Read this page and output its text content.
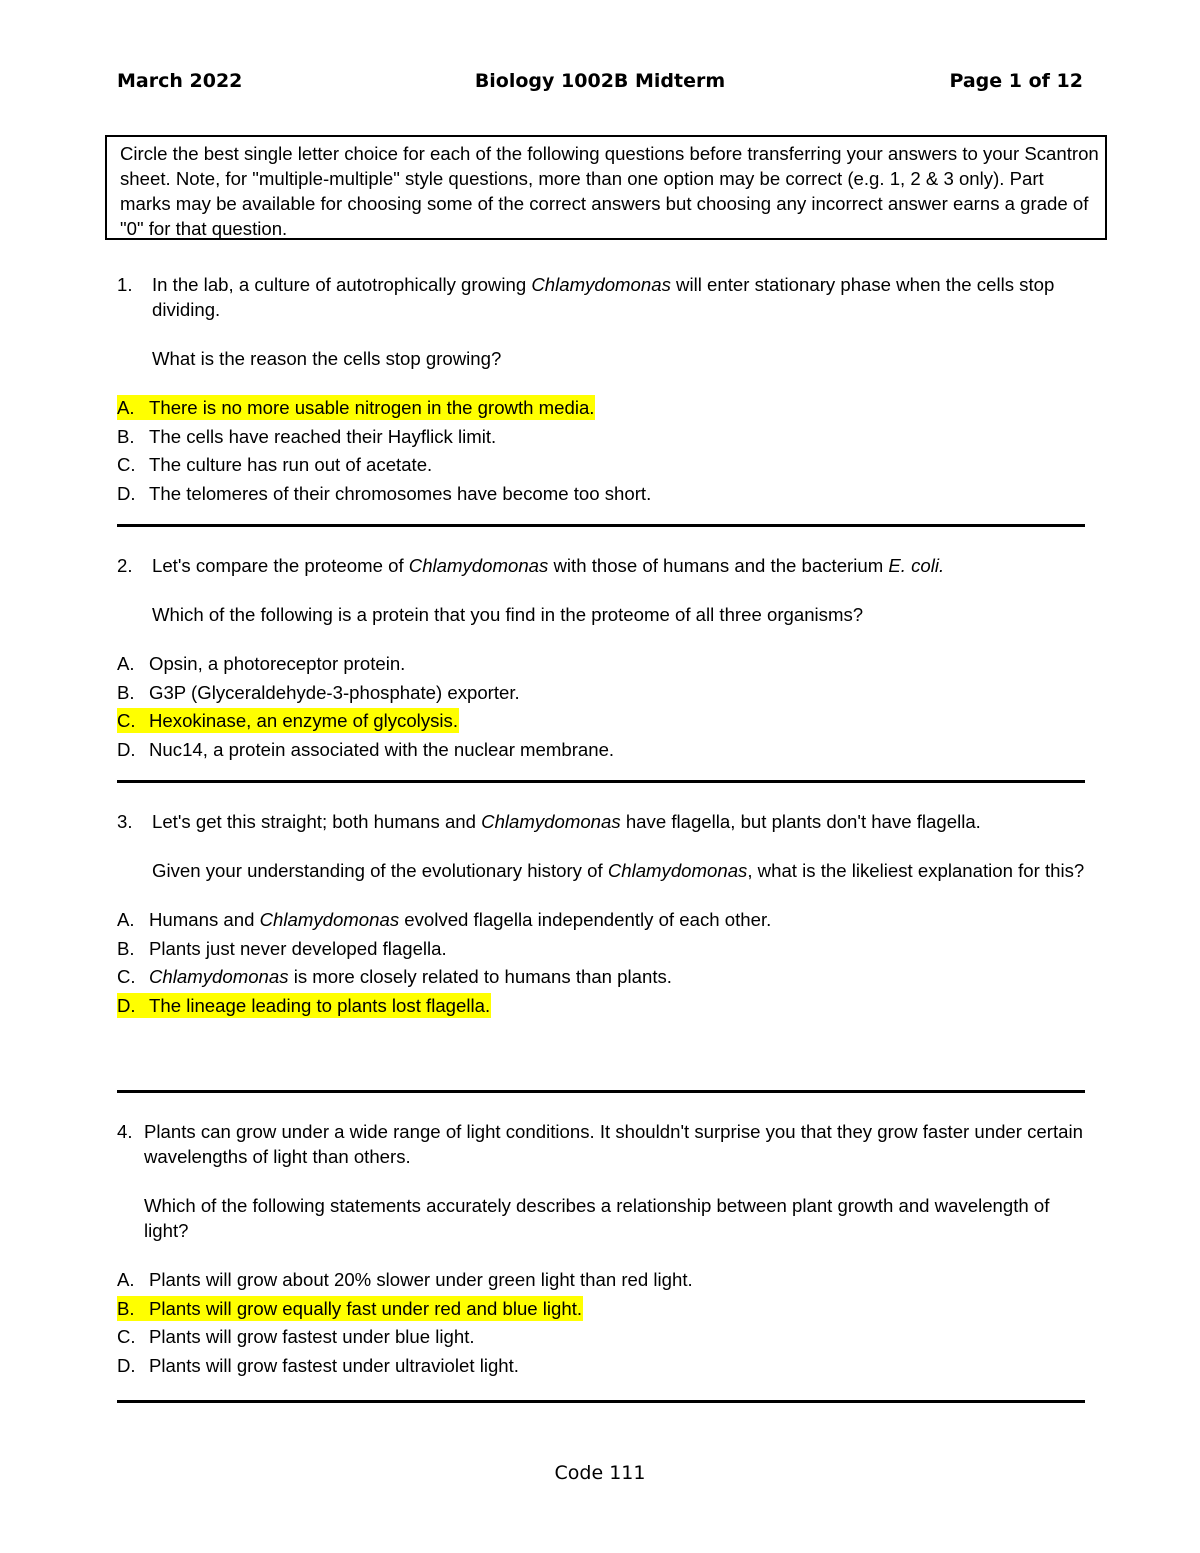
March 2022	Biology 1002B Midterm	Page 1 of 12
Circle the best single letter choice for each of the following questions before transferring your answers to your Scantron sheet. Note, for "multiple-multiple" style questions, more than one option may be correct (e.g. 1, 2 & 3 only). Part marks may be available for choosing some of the correct answers but choosing any incorrect answer earns a grade of "0" for that question.
1.	In the lab, a culture of autotrophically growing Chlamydomonas will enter stationary phase when the cells stop dividing.
What is the reason the cells stop growing?
A. There is no more usable nitrogen in the growth media.
B. The cells have reached their Hayflick limit.
C. The culture has run out of acetate.
D. The telomeres of their chromosomes have become too short.
2.	Let's compare the proteome of Chlamydomonas with those of humans and the bacterium E. coli.
Which of the following is a protein that you find in the proteome of all three organisms?
A. Opsin, a photoreceptor protein.
B. G3P (Glyceraldehyde-3-phosphate) exporter.
C. Hexokinase, an enzyme of glycolysis.
D. Nuc14, a protein associated with the nuclear membrane.
3.	Let's get this straight; both humans and Chlamydomonas have flagella, but plants don't have flagella.
Given your understanding of the evolutionary history of Chlamydomonas, what is the likeliest explanation for this?
A. Humans and Chlamydomonas evolved flagella independently of each other.
B. Plants just never developed flagella.
C. Chlamydomonas is more closely related to humans than plants.
D. The lineage leading to plants lost flagella.
4. Plants can grow under a wide range of light conditions. It shouldn't surprise you that they grow faster under certain wavelengths of light than others.
Which of the following statements accurately describes a relationship between plant growth and wavelength of light?
A. Plants will grow about 20% slower under green light than red light.
B. Plants will grow equally fast under red and blue light.
C. Plants will grow fastest under blue light.
D. Plants will grow fastest under ultraviolet light.
Code 111
